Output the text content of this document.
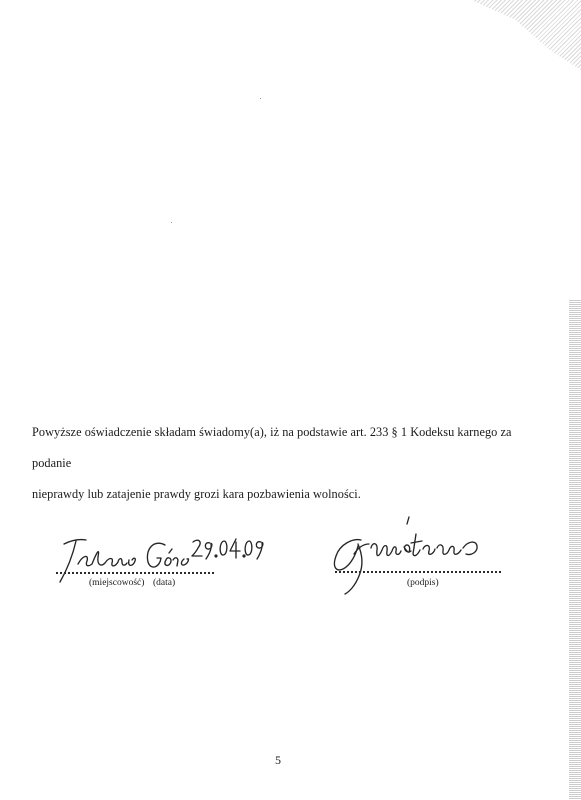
Powyższe oświadczenie składam świadomy(a), iż na podstawie art. 233 § 1 Kodeksu karnego za podanie

nieprawdy lub zatajenie prawdy grozi kara pozbawienia wolności.

(miejscowość) (data)	(podpis)
5
